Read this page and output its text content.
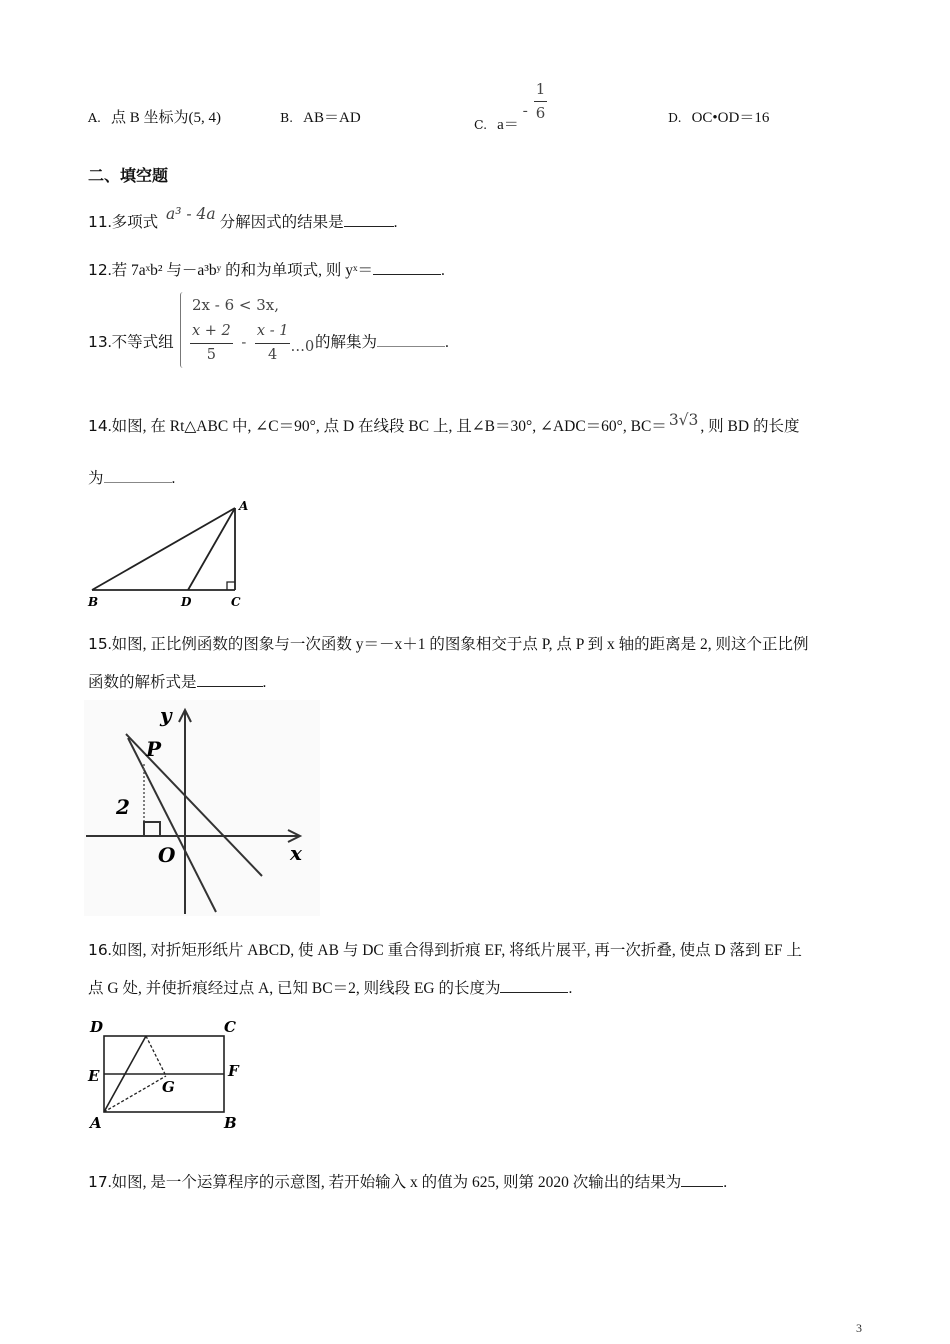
A. 点 B 坐标为(5, 4)	B. AB＝AD	$_{C.}$ $a=- \frac{1}{6}$	D. OC•OD＝16
二、填空题
11.多项式 a³ - 4a 分解因式的结果是	.
12.若 7aˣb² 与－a³bʸ 的和为单项式, 则 yˣ＝	.
13.不等式组
2x - 6 < 3x,
$\frac{x + 2}{5} - \frac{x - 1}{4}$ …0 的解集为	.
14.如图, 在 Rt△ABC 中, ∠C＝90°, 点 D 在线段 BC 上, 且∠B＝30°, ∠ADC＝60°, BC＝ 3√3 , 则 BD 的长度
为	.
A
B	D	C
15.如图, 正比例函数的图象与一次函数 y＝－x＋1 的图象相交于点 P, 点 P 到 x 轴的距离是 2, 则这个正比例
函数的解析式是	.
P
y
x
O
2
16.如图, 对折矩形纸片 ABCD, 使 AB 与 DC 重合得到折痕 EF, 将纸片展平, 再一次折叠, 使点 D 落到 EF 上
点 G 处, 并使折痕经过点 A, 已知 BC＝2, 则线段 EG 的长度为	.
D	C
E	F
G
A	B
17.如图, 是一个运算程序的示意图, 若开始输入 x 的值为 625, 则第 2020 次输出的结果为	.
3
